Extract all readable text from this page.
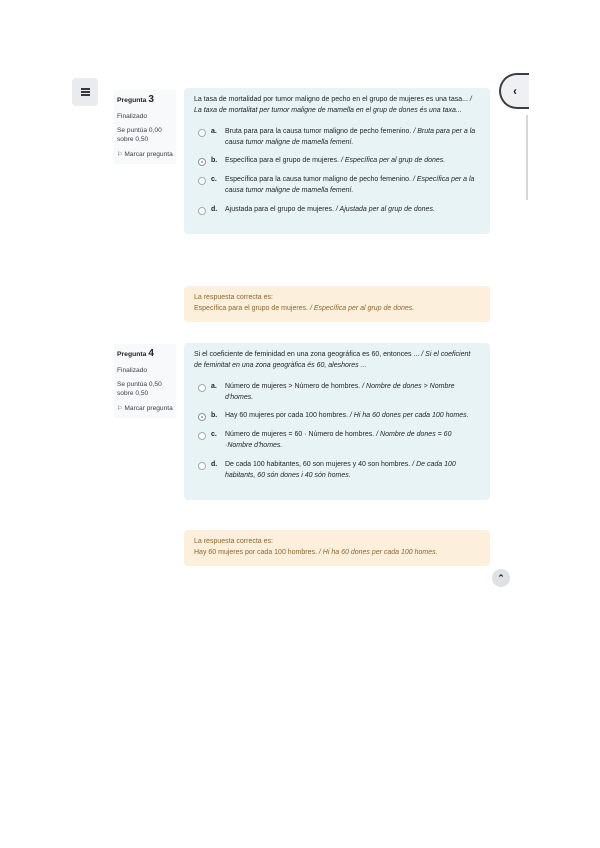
‹
Pregunta 3
Finalizado
Se puntúa 0,00 sobre 0,50
⚐ Marcar pregunta
La tasa de mortalidad por tumor maligno de pecho en el grupo de mujeres es una tasa... / La taxa de mortalitat per tumor maligne de mamella en el grup de dones és una taxa...
a.	Bruta para para la causa tumor maligno de pecho femenino. / Bruta para per a la causa tumor maligne de mamella femení.
b.	Específica para el grupo de mujeres. / Específica per al grup de dones.
c.	Específica para la causa tumor maligno de pecho femenino. / Específica per a la causa tumor maligne de mamella femení.
d.	Ajustada para el grupo de mujeres. / Ajustada per al grup de dones.
La respuesta correcta es:
Específica para el grupo de mujeres. / Específica per al grup de dones.
Pregunta 4
Finalizado
Se puntúa 0,50 sobre 0,50
⚐ Marcar pregunta
Si el coeficiente de feminidad en una zona geográfica es 60, entonces ... / Si el coeficient de feminitat en una zona geogràfica és 60, aleshores ...
a.	Número de mujeres > Número de hombres. / Nombre de dones > Nombre d'homes.
b.	Hay 60 mujeres por cada 100 hombres. / Hi ha 60 dones per cada 100 homes.
c.	Número de mujeres = 60 · Número de hombres. / Nombre de dones = 60 ·Nombre d'homes.
d.	De cada 100 habitantes, 60 son mujeres y 40 son hombres. / De cada 100 habitants, 60 són dones i 40 són homes.
La respuesta correcta es:
Hay 60 mujeres por cada 100 hombres. / Hi ha 60 dones per cada 100 homes.
⌃
